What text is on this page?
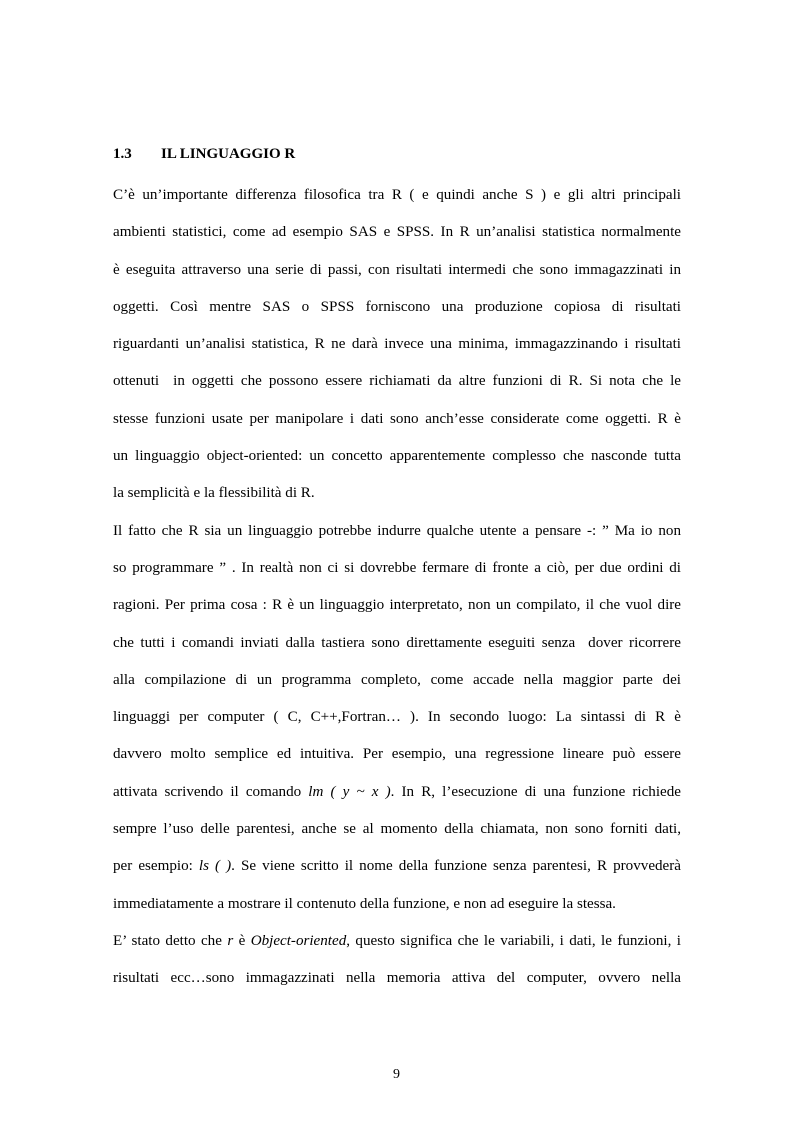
1.3 IL LINGUAGGIO R
C’è un’importante differenza filosofica tra R ( e quindi anche S ) e gli altri principali
ambienti statistici, come ad esempio SAS e SPSS. In R un’analisi statistica normalmente
è eseguita attraverso una serie di passi, con risultati intermedi che sono immagazzinati in
oggetti. Così mentre SAS o SPSS forniscono una produzione copiosa di risultati
riguardanti un’analisi statistica, R ne darà invece una minima, immagazzinando i risultati
ottenuti  in oggetti che possono essere richiamati da altre funzioni di R. Si nota che le
stesse funzioni usate per manipolare i dati sono anch’esse considerate come oggetti. R è
un linguaggio object-oriented: un concetto apparentemente complesso che nasconde tutta
la semplicità e la flessibilità di R.
Il fatto che R sia un linguaggio potrebbe indurre qualche utente a pensare -: ” Ma io non
so programmare ” . In realtà non ci si dovrebbe fermare di fronte a ciò, per due ordini di
ragioni. Per prima cosa : R è un linguaggio interpretato, non un compilato, il che vuol dire
che tutti i comandi inviati dalla tastiera sono direttamente eseguiti senza  dover ricorrere
alla compilazione di un programma completo, come accade nella maggior parte dei
linguaggi per computer ( C, C++,Fortran… ). In secondo luogo: La sintassi di R è
davvero molto semplice ed intuitiva. Per esempio, una regressione lineare può essere
attivata scrivendo il comando lm ( y ~ x ). In R, l’esecuzione di una funzione richiede
sempre l’uso delle parentesi, anche se al momento della chiamata, non sono forniti dati,
per esempio: ls ( ). Se viene scritto il nome della funzione senza parentesi, R provvederà
immediatamente a mostrare il contenuto della funzione, e non ad eseguire la stessa.
E’ stato detto che r è Object-oriented, questo significa che le variabili, i dati, le funzioni, i
risultati ecc…sono immagazzinati nella memoria attiva del computer, ovvero nella
9
